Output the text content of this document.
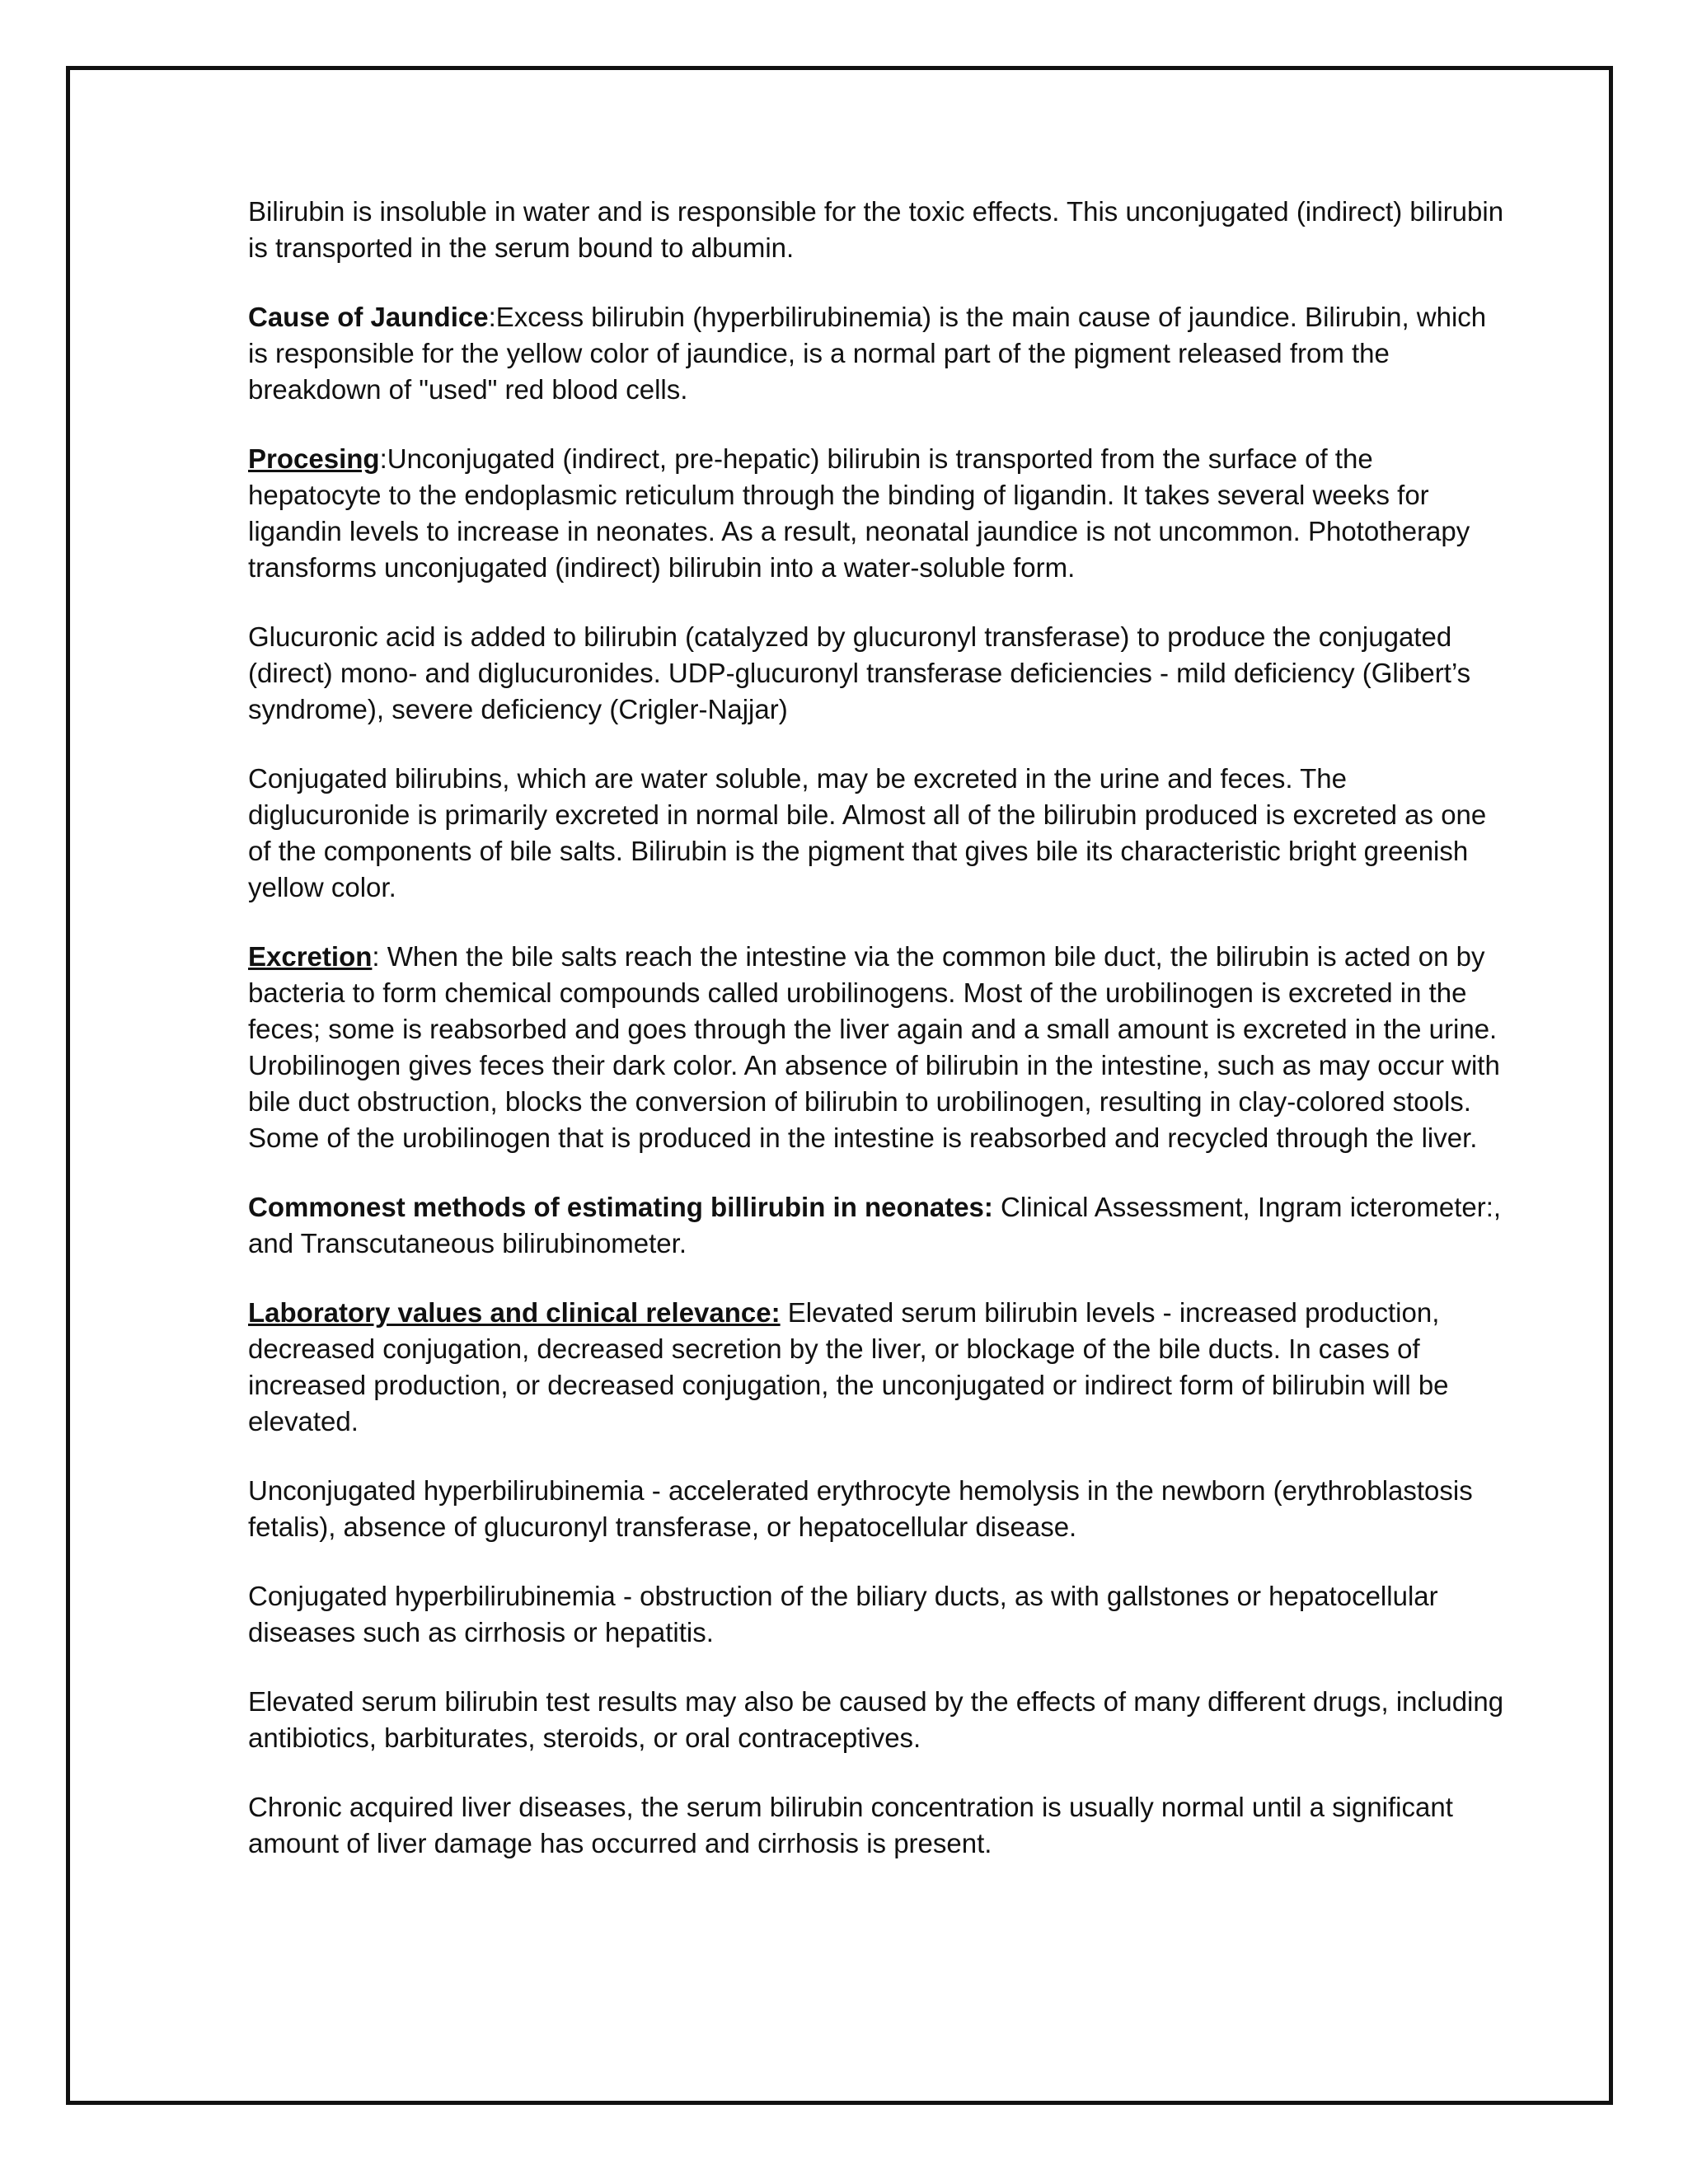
Bilirubin is insoluble in water and is responsible for the toxic effects. This unconjugated (indirect) bilirubin is transported in the serum bound to albumin.

Cause of Jaundice:Excess bilirubin (hyperbilirubinemia) is the main cause of jaundice. Bilirubin, which is responsible for the yellow color of jaundice, is a normal part of the pigment released from the breakdown of "used" red blood cells.

Procesing:Unconjugated (indirect, pre-hepatic) bilirubin is transported from the surface of the hepatocyte to the endoplasmic reticulum through the binding of ligandin. It takes several weeks for ligandin levels to increase in neonates. As a result, neonatal jaundice is not uncommon. Phototherapy transforms unconjugated (indirect) bilirubin into a water-soluble form.

Glucuronic acid is added to bilirubin (catalyzed by glucuronyl transferase) to produce the conjugated (direct) mono- and diglucuronides. UDP-glucuronyl transferase deficiencies - mild deficiency (Glibert’s syndrome), severe deficiency (Crigler-Najjar)

Conjugated bilirubins, which are water soluble, may be excreted in the urine and feces. The diglucuronide is primarily excreted in normal bile. Almost all of the bilirubin produced is excreted as one of the components of bile salts. Bilirubin is the pigment that gives bile its characteristic bright greenish yellow color.

Excretion: When the bile salts reach the intestine via the common bile duct, the bilirubin is acted on by bacteria to form chemical compounds called urobilinogens. Most of the urobilinogen is excreted in the feces; some is reabsorbed and goes through the liver again and a small amount is excreted in the urine. Urobilinogen gives feces their dark color. An absence of bilirubin in the intestine, such as may occur with bile duct obstruction, blocks the conversion of bilirubin to urobilinogen, resulting in clay-colored stools. Some of the urobilinogen that is produced in the intestine is reabsorbed and recycled through the liver.

Commonest methods of estimating billirubin in neonates: Clinical Assessment, Ingram icterometer:, and Transcutaneous bilirubinometer.

Laboratory values and clinical relevance: Elevated serum bilirubin levels - increased production, decreased conjugation, decreased secretion by the liver, or blockage of the bile ducts. In cases of increased production, or decreased conjugation, the unconjugated or indirect form of bilirubin will be elevated.

Unconjugated hyperbilirubinemia - accelerated erythrocyte hemolysis in the newborn (erythroblastosis fetalis), absence of glucuronyl transferase, or hepatocellular disease.

Conjugated hyperbilirubinemia - obstruction of the biliary ducts, as with gallstones or hepatocellular diseases such as cirrhosis or hepatitis.

Elevated serum bilirubin test results may also be caused by the effects of many different drugs, including antibiotics, barbiturates, steroids, or oral contraceptives.

Chronic acquired liver diseases, the serum bilirubin concentration is usually normal until a significant amount of liver damage has occurred and cirrhosis is present.
